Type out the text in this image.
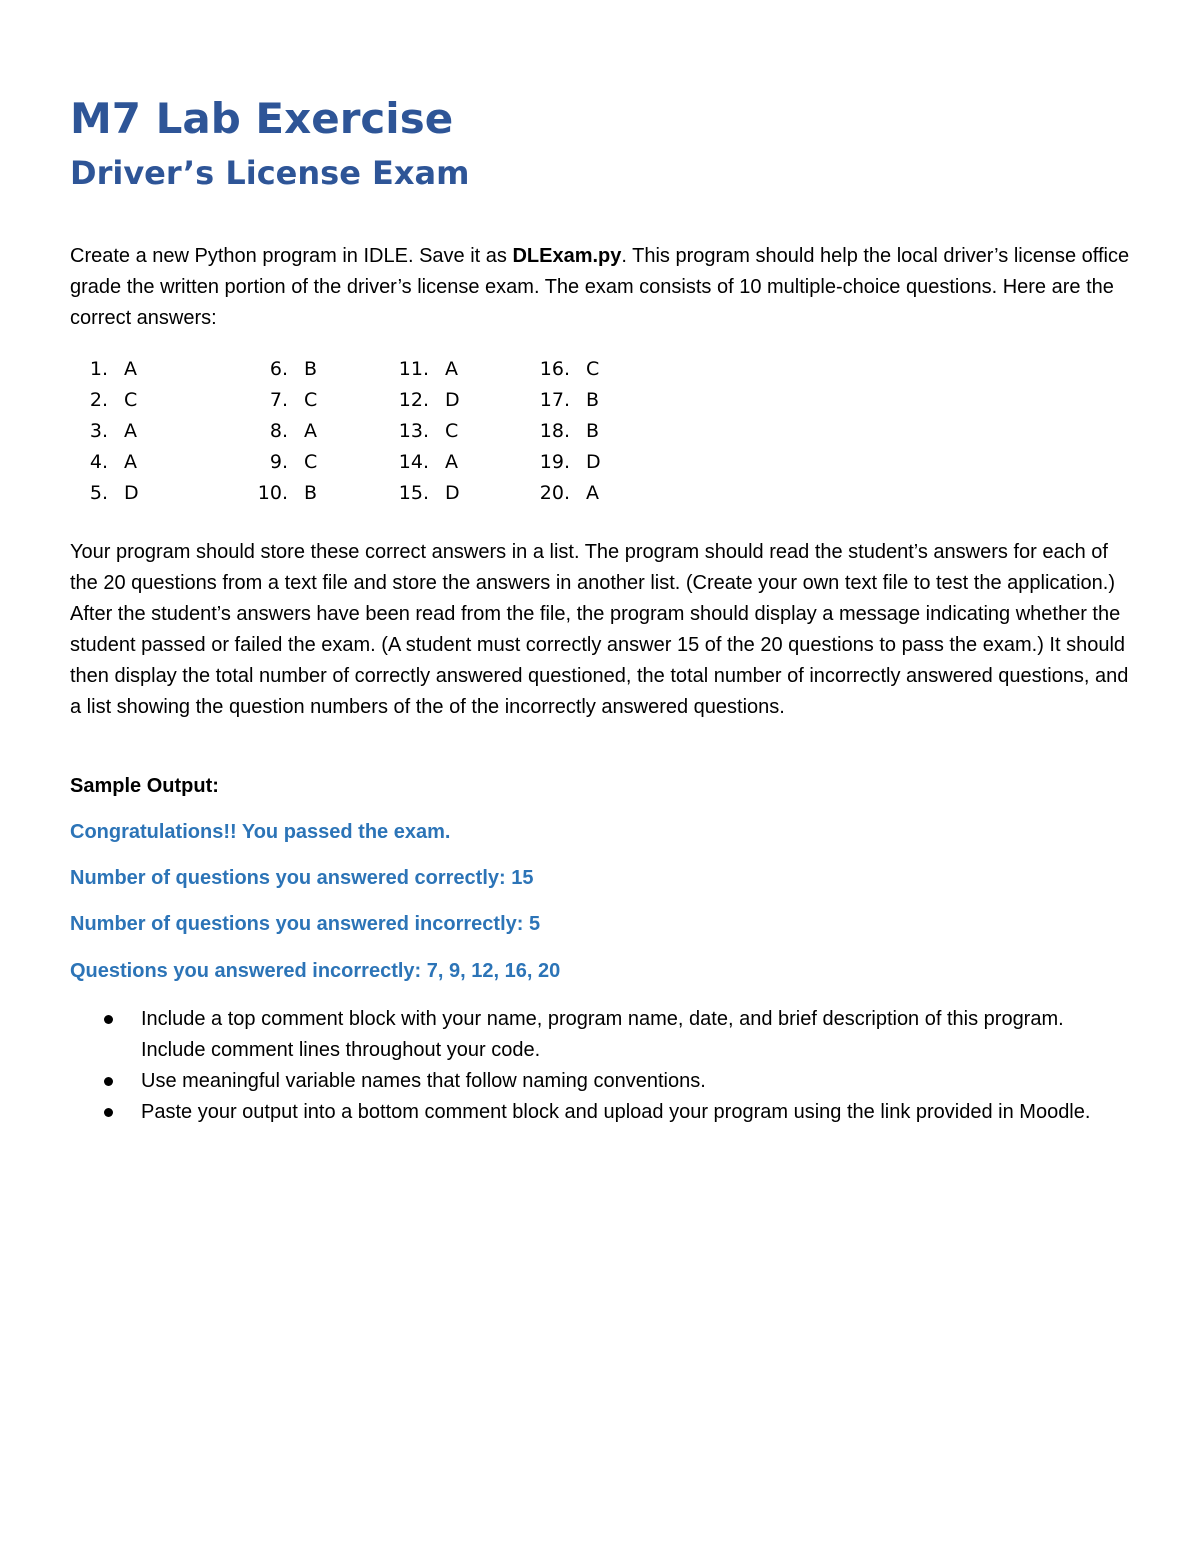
M7 Lab Exercise
Driver’s License Exam

Create a new Python program in IDLE. Save it as DLExam.py. This program should help the local driver’s license office grade the written portion of the driver’s license exam. The exam consists of 10 multiple-choice questions. Here are the correct answers:

1. A
2. C
3. A
4. A
5. D
6. B
7. C
8. A
9. C
10. B
11. A
12. D
13. C
14. A
15. D
16. C
17. B
18. B
19. D
20. A

Your program should store these correct answers in a list. The program should read the student’s answers for each of the 20 questions from a text file and store the answers in another list. (Create your own text file to test the application.) After the student’s answers have been read from the file, the program should display a message indicating whether the student passed or failed the exam. (A student must correctly answer 15 of the 20 questions to pass the exam.) It should then display the total number of correctly answered questioned, the total number of incorrectly answered questions, and a list showing the question numbers of the of the incorrectly answered questions.

Sample Output:
Congratulations!! You passed the exam.
Number of questions you answered correctly: 15
Number of questions you answered incorrectly: 5
Questions you answered incorrectly: 7, 9, 12, 16, 20
Include a top comment block with your name, program name, date, and brief description of this program. Include comment lines throughout your code.
Use meaningful variable names that follow naming conventions.
Paste your output into a bottom comment block and upload your program using the link provided in Moodle.
